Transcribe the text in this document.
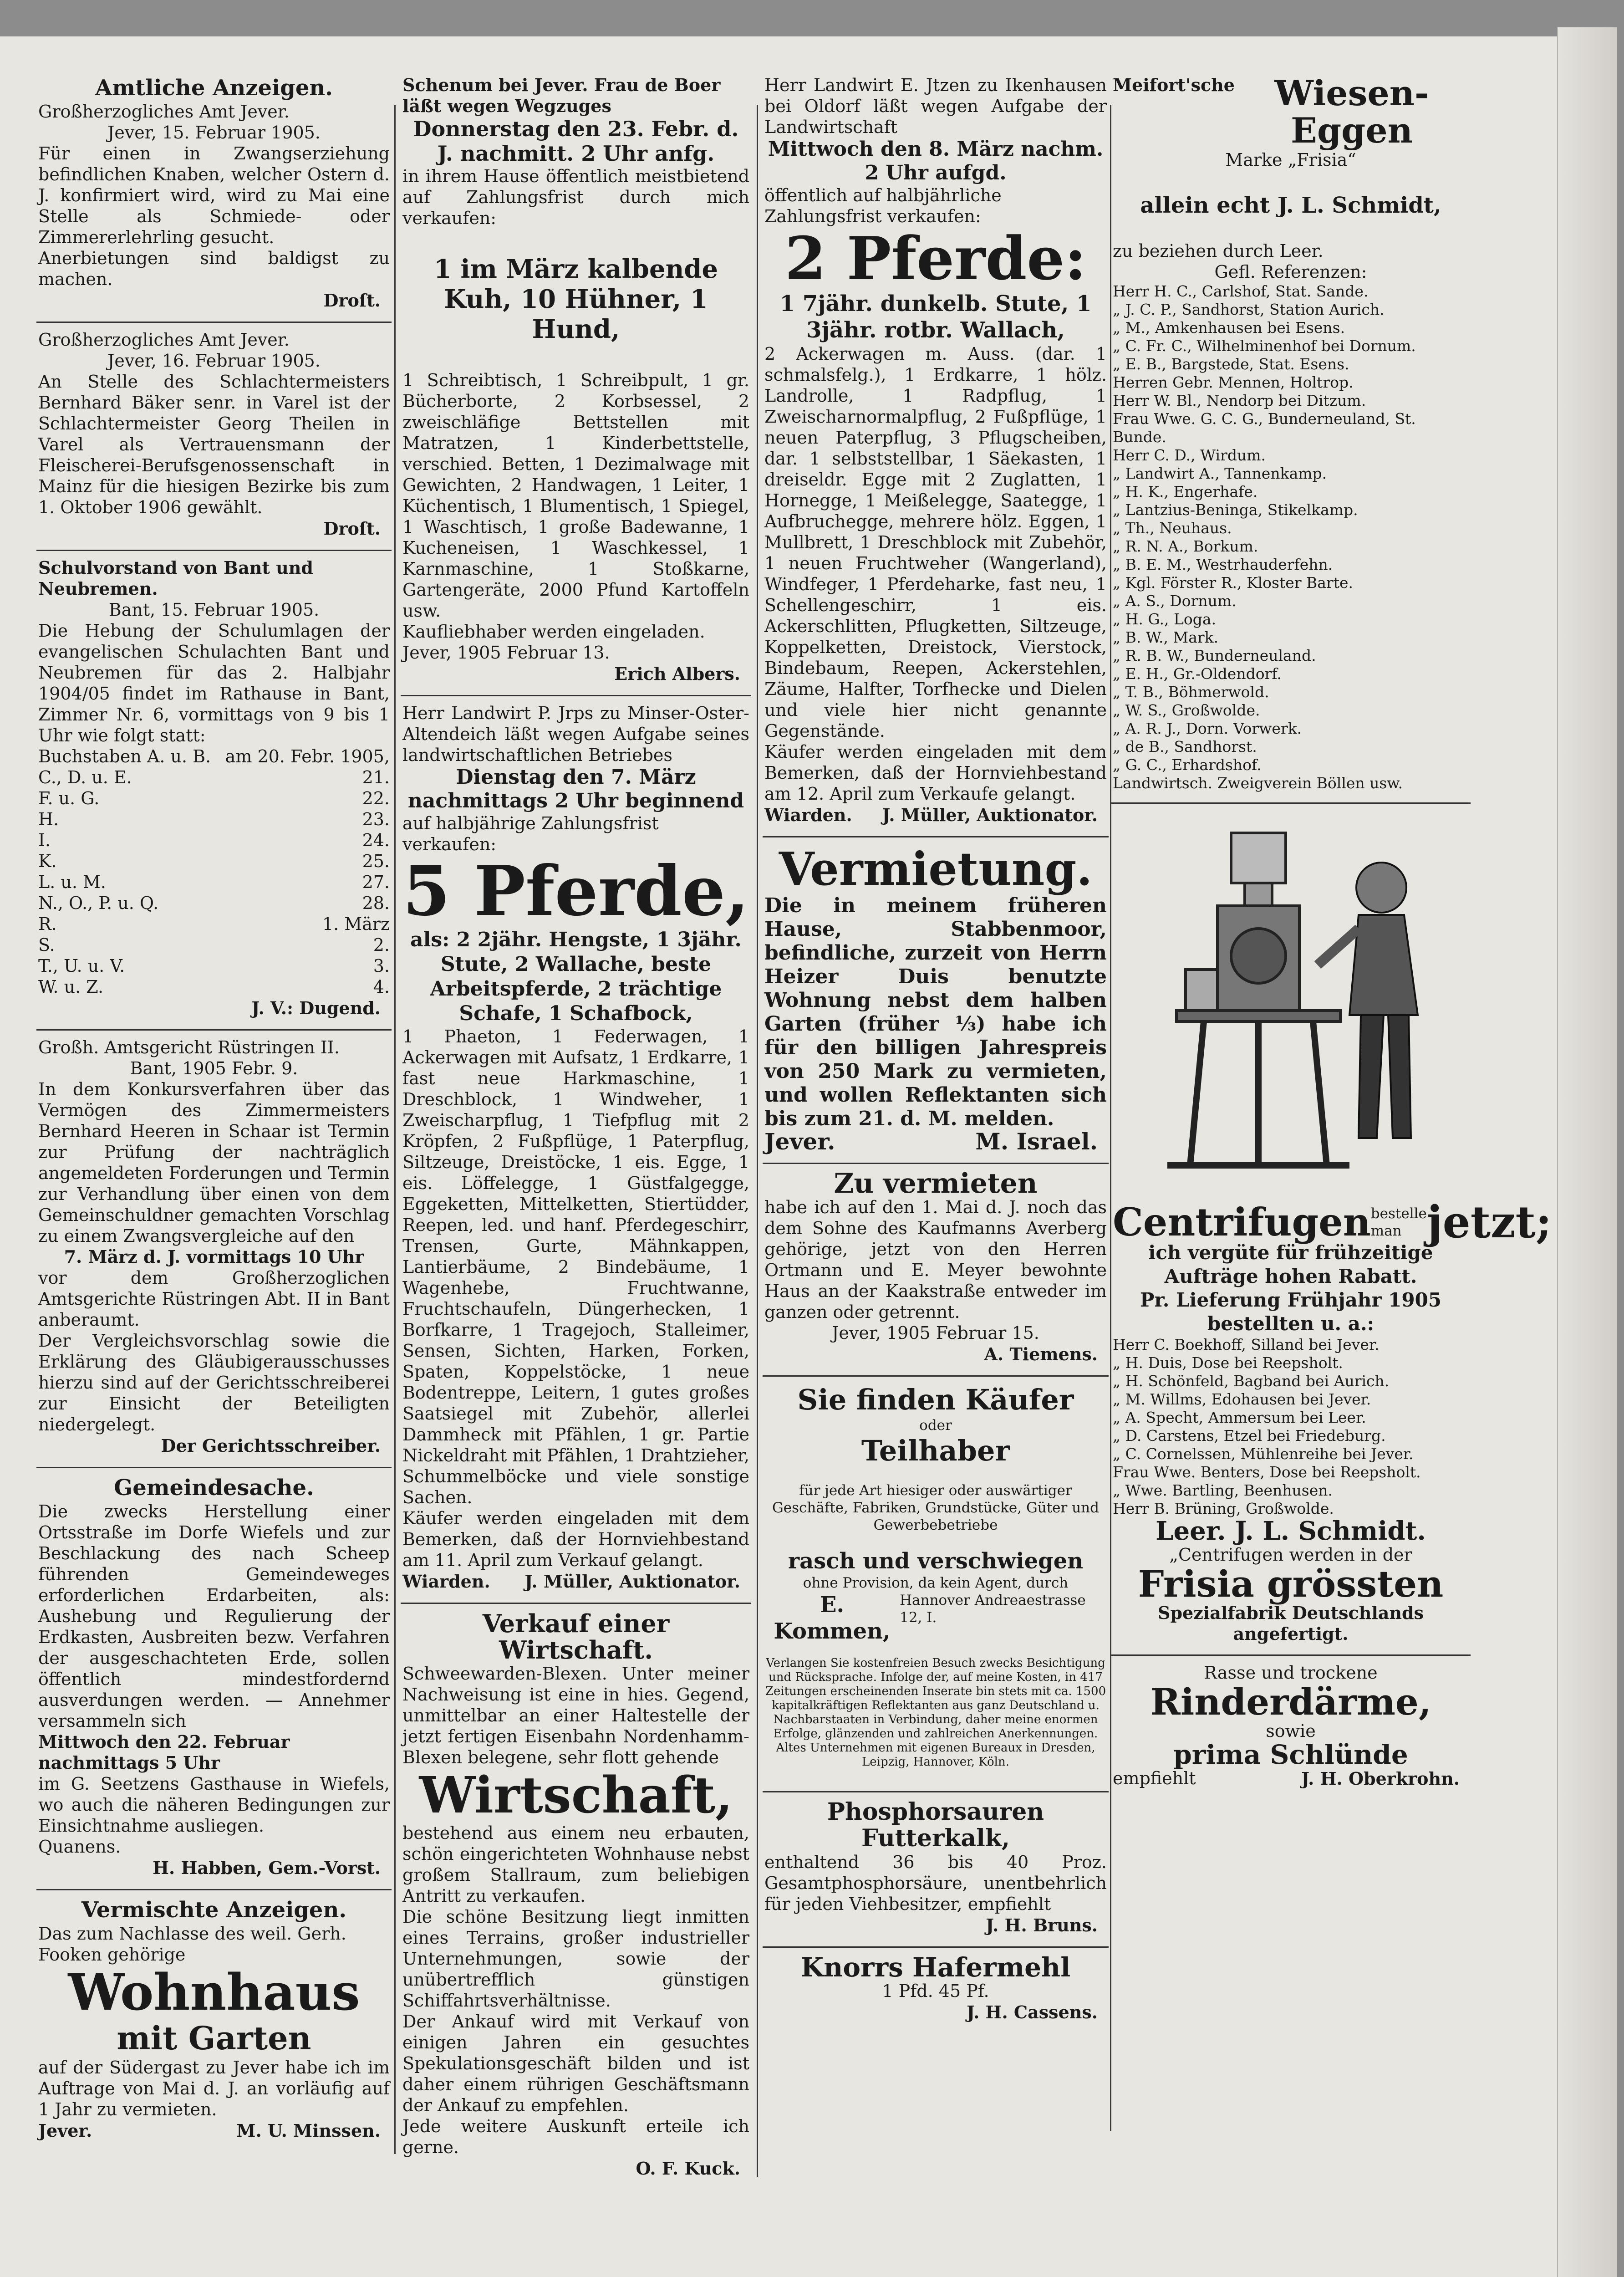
Amtliche Anzeigen.

Großherzogliches Amt Jever.

Jever, 15. Februar 1905.

Für einen in Zwangserziehung befindlichen Knaben, welcher Ostern d. J. konfirmiert wird, wird zu Mai eine Stelle als Schmiede- oder Zimmererlehrling gesucht.

Anerbietungen sind baldigst zu machen.

Droſt.

Großherzogliches Amt Jever.

Jever, 16. Februar 1905.

An Stelle des Schlachtermeisters Bernhard Bäker senr. in Varel ist der Schlachtermeister Georg Theilen in Varel als Vertrauensmann der Fleischerei-Berufsgenossenschaft in Mainz für die hiesigen Bezirke bis zum 1. Oktober 1906 gewählt.

Droſt.
Schulvorstand von Bant und Neubremen.

Bant, 15. Februar 1905.

Die Hebung der Schulumlagen der evangelischen Schulachten Bant und Neubremen für das 2. Halbjahr 1904/05 findet im Rathause in Bant, Zimmer Nr. 6, vormittags von 9 bis 1 Uhr wie folgt statt:

Buchstaben A. u. B. am 20. Febr. 1905,
C., D. u. E.	21.
F. u. G.	22.
H.	23.
I.	24.
K.	25.
L. u. M.	27.
N., O., P. u. Q.	28.
R.	1. März
S.	2.
T., U. u. V.	3.
W. u. Z.	4.
J. V.: Dugend.

Großh. Amtsgericht Rüstringen II.

Bant, 1905 Febr. 9.

In dem Konkursverfahren über das Vermögen des Zimmermeisters Bernhard Heeren in Schaar ist Termin zur Prüfung der nachträglich angemeldeten Forderungen und Termin zur Verhandlung über einen von dem Gemeinschuldner gemachten Vorschlag zu einem Zwangsvergleiche auf den

7. März d. J. vormittags 10 Uhr

vor dem Großherzoglichen Amtsgerichte Rüstringen Abt. II in Bant anberaumt.

Der Vergleichsvorschlag sowie die Erklärung des Gläubigerausschusses hierzu sind auf der Gerichtsschreiberei zur Einsicht der Beteiligten niedergelegt.

Der Gerichtsschreiber.
Gemeindesache.

Die zwecks Herstellung einer Ortsstraße im Dorfe Wiefels und zur Beschlackung des nach Scheep führenden Gemeindeweges erforderlichen Erdarbeiten, als: Aushebung und Regulierung der Erdkasten, Ausbreiten bezw. Verfahren der ausgeschachteten Erde, sollen öffentlich mindestfordernd ausverdungen werden. — Annehmer versammeln sich

Mittwoch den 22. Februar nachmittags 5 Uhr

im G. Seetzens Gasthause in Wiefels, wo auch die näheren Bedingungen zur Einsichtnahme ausliegen.

Quanens.

H. Habben, Gem.-Vorst.
Vermischte Anzeigen.

Das zum Nachlasse des weil. Gerh. Fooken gehörige

Wohnhaus
mit Garten

auf der Südergast zu Jever habe ich im Auftrage von Mai d. J. an vorläufig auf 1 Jahr zu vermieten.

Jever.	M. U. Minssen.

Schenum bei Jever. Frau de Boer läßt wegen Wegzuges

Donnerstag den 23. Febr. d. J. nachmitt. 2 Uhr anfg.

in ihrem Hause öffentlich meistbietend auf Zahlungsfrist durch mich verkaufen:

1 im März kalbende Kuh, 10 Hühner, 1 Hund,

1 Schreibtisch, 1 Schreibpult, 1 gr. Bücherborte, 2 Korbsessel, 2 zweischläfige Bettstellen mit Matratzen, 1 Kinderbettstelle, verschied. Betten, 1 Dezimalwage mit Gewichten, 2 Handwagen, 1 Leiter, 1 Küchentisch, 1 Blumentisch, 1 Spiegel, 1 Waschtisch, 1 große Badewanne, 1 Kucheneisen, 1 Waschkessel, 1 Karnmaschine, 1 Stoßkarne, Gartengeräte, 2000 Pfund Kartoffeln usw.

Kaufliebhaber werden eingeladen.

Jever, 1905 Februar 13.

Erich Albers.

Herr Landwirt P. Jrps zu Minser-Oster-Altendeich läßt wegen Aufgabe seines landwirtschaftlichen Betriebes

Dienstag den 7. März nachmittags 2 Uhr beginnend

auf halbjährige Zahlungsfrist verkaufen:

5 Pferde,

als: 2 2jähr. Hengste, 1 3jähr. Stute, 2 Wallache, beste Arbeitspferde, 2 trächtige Schafe, 1 Schafbock,

1 Phaeton, 1 Federwagen, 1 Ackerwagen mit Aufsatz, 1 Erdkarre, 1 fast neue Harkmaschine, 1 Dreschblock, 1 Windweher, 1 Zweischarpflug, 1 Tiefpflug mit 2 Kröpfen, 2 Fußpflüge, 1 Paterpflug, Siltzeuge, Dreistöcke, 1 eis. Egge, 1 eis. Löffelegge, 1 Güstfalgegge, Eggeketten, Mittelketten, Stiertüdder, Reepen, led. und hanf. Pferdegeschirr, Trensen, Gurte, Mähnkappen, Lantierbäume, 2 Bindebäume, 1 Wagenhebe, Fruchtwanne, Fruchtschaufeln, Düngerhecken, 1 Borfkarre, 1 Tragejoch, Stalleimer, Sensen, Sichten, Harken, Forken, Spaten, Koppelstöcke, 1 neue Bodentreppe, Leitern, 1 gutes großes Saatsiegel mit Zubehör, allerlei Dammheck mit Pfählen, 1 gr. Partie Nickeldraht mit Pfählen, 1 Drahtzieher, Schummelböcke und viele sonstige Sachen.

Käufer werden eingeladen mit dem Bemerken, daß der Hornviehbestand am 11. April zum Verkauf gelangt.

Wiarden.	J. Müller, Auktionator.
Verkauf einer Wirtschaft.

Schweewarden-Blexen. Unter meiner Nachweisung ist eine in hies. Gegend, unmittelbar an einer Haltestelle der jetzt fertigen Eisenbahn Nordenhamm-Blexen belegene, sehr flott gehende

Wirtschaft,

bestehend aus einem neu erbauten, schön eingerichteten Wohnhause nebst großem Stallraum, zum beliebigen Antritt zu verkaufen.
Die schöne Besitzung liegt inmitten eines Terrains, großer industrieller Unternehmungen, sowie der unübertrefflich günstigen Schiffahrtsverhältnisse.
Der Ankauf wird mit Verkauf von einigen Jahren ein gesuchtes Spekulationsgeschäft bilden und ist daher einem rührigen Geschäftsmann der Ankauf zu empfehlen.
Jede weitere Auskunft erteile ich gerne.

O. F. Kuck.

Herr Landwirt E. Jtzen zu Ikenhausen bei Oldorf läßt wegen Aufgabe der Landwirtschaft

Mittwoch den 8. März nachm. 2 Uhr aufgd.

öffentlich auf halbjährliche Zahlungsfrist verkaufen:

2 Pferde:

1 7jähr. dunkelb. Stute, 1 3jähr. rotbr. Wallach,

2 Ackerwagen m. Auss. (dar. 1 schmalsfelg.), 1 Erdkarre, 1 hölz. Landrolle, 1 Radpflug, 1 Zweischarnormalpflug, 2 Fußpflüge, 1 neuen Paterpflug, 3 Pflugscheiben, dar. 1 selbststellbar, 1 Säekasten, 1 dreiseldr. Egge mit 2 Zuglatten, 1 Hornegge, 1 Meißelegge, Saategge, 1 Aufbruchegge, mehrere hölz. Eggen, 1 Mullbrett, 1 Dreschblock mit Zubehör, 1 neuen Fruchtweher (Wangerland), Windfeger, 1 Pferdeharke, fast neu, 1 Schellengeschirr, 1 eis. Ackerschlitten, Pflugketten, Siltzeuge, Koppelketten, Dreistock, Vierstock, Bindebaum, Reepen, Ackerstehlen, Zäume, Halfter, Torfhecke und Dielen und viele hier nicht genannte Gegenstände.

Käufer werden eingeladen mit dem Bemerken, daß der Hornviehbestand am 12. April zum Verkaufe gelangt.

Wiarden.	J. Müller, Auktionator.
Vermietung.

Die in meinem früheren Hause, Stabbenmoor, befindliche, zurzeit von Herrn Heizer Duis benutzte Wohnung nebst dem halben Garten (früher ⅓) habe ich für den billigen Jahrespreis von 250 Mark zu vermieten, und wollen Reflektanten sich bis zum 21. d. M. melden.

Jever.	M. Israel.
Zu vermieten

habe ich auf den 1. Mai d. J. noch das dem Sohne des Kaufmanns Averberg gehörige, jetzt von den Herren Ortmann und E. Meyer bewohnte Haus an der Kaakstraße entweder im ganzen oder getrennt.

Jever, 1905 Februar 15.

A. Tiemens.
Sie finden Käufer
oder
Teilhaber

für jede Art hiesiger oder auswärtiger Geschäfte, Fabriken, Grundstücke, Güter und Gewerbebetriebe

rasch und verschwiegen
ohne Provision, da kein Agent, durch
E. Kommen,
Hannover Andreaestrasse 12, I.

Verlangen Sie kostenfreien Besuch zwecks Besichtigung und Rücksprache. Infolge der, auf meine Kosten, in 417 Zeitungen erscheinenden Inserate bin stets mit ca. 1500 kapitalkräftigen Reflektanten aus ganz Deutschland u. Nachbarstaaten in Verbindung, daher meine enormen Erfolge, glänzenden und zahlreichen Anerkennungen. Altes Unternehmen mit eigenen Bureaux in Dresden, Leipzig, Hannover, Köln.

Phosphorsauren Futterkalk,

enthaltend 36 bis 40 Proz. Gesamtphosphorsäure, unentbehrlich für jeden Viehbesitzer, empfiehlt

J. H. Bruns.
Knorrs Hafermehl

1 Pfd. 45 Pf.

J. H. Cassens.
Meifort'sche	Wiesen-Eggen

Marke „Frisia“

allein echt J. L. Schmidt,

zu beziehen durch Leer.

Gefl. Referenzen:
Herr H. C., Carlshof, Stat. Sande.
„ J. C. P., Sandhorst, Station Aurich.
„ M., Amkenhausen bei Esens.
„ C. Fr. C., Wilhelminenhof bei Dornum.
„ E. B., Bargstede, Stat. Esens.
Herren Gebr. Mennen, Holtrop.
Herr W. Bl., Nendorp bei Ditzum.
Frau Wwe. G. C. G., Bunderneuland, St. Bunde.
Herr C. D., Wirdum.
„ Landwirt A., Tannenkamp.
„ H. K., Engerhafe.
„ Lantzius-Beninga, Stikelkamp.
„ Th., Neuhaus.
„ R. N. A., Borkum.
„ B. E. M., Westrhauderfehn.
„ Kgl. Förster R., Kloster Barte.
„ A. S., Dornum.
„ H. G., Loga.
„ B. W., Mark.
„ R. B. W., Bunderneuland.
„ E. H., Gr.-Oldendorf.
„ T. B., Böhmerwold.
„ W. S., Großwolde.
„ A. R. J., Dorn. Vorwerk.
„ de B., Sandhorst.
„ G. C., Erhardshof.
Landwirtsch. Zweigverein Böllen usw.
Centrifugen bestelle man jetzt;

ich vergüte für frühzeitige Aufträge hohen Rabatt.

Pr. Lieferung Frühjahr 1905 bestellten u. a.:

Herr C. Boekhoff, Silland bei Jever.
„ H. Duis, Dose bei Reepsholt.
„ H. Schönfeld, Bagband bei Aurich.
„ M. Willms, Edohausen bei Jever.
„ A. Specht, Ammersum bei Leer.
„ D. Carstens, Etzel bei Friedeburg.
„ C. Cornelssen, Mühlenreihe bei Jever.
Frau Wwe. Benters, Dose bei Reepsholt.
„ Wwe. Bartling, Beenhusen.
Herr B. Brüning, Großwolde.
Leer. J. L. Schmidt.
„Centrifugen werden in der
Frisia grössten
Spezialfabrik Deutschlands angefertigt.

Rasse und trockene

Rinderdärme,
sowie
prima Schlünde
empfiehlt	J. H. Oberkrohn.
